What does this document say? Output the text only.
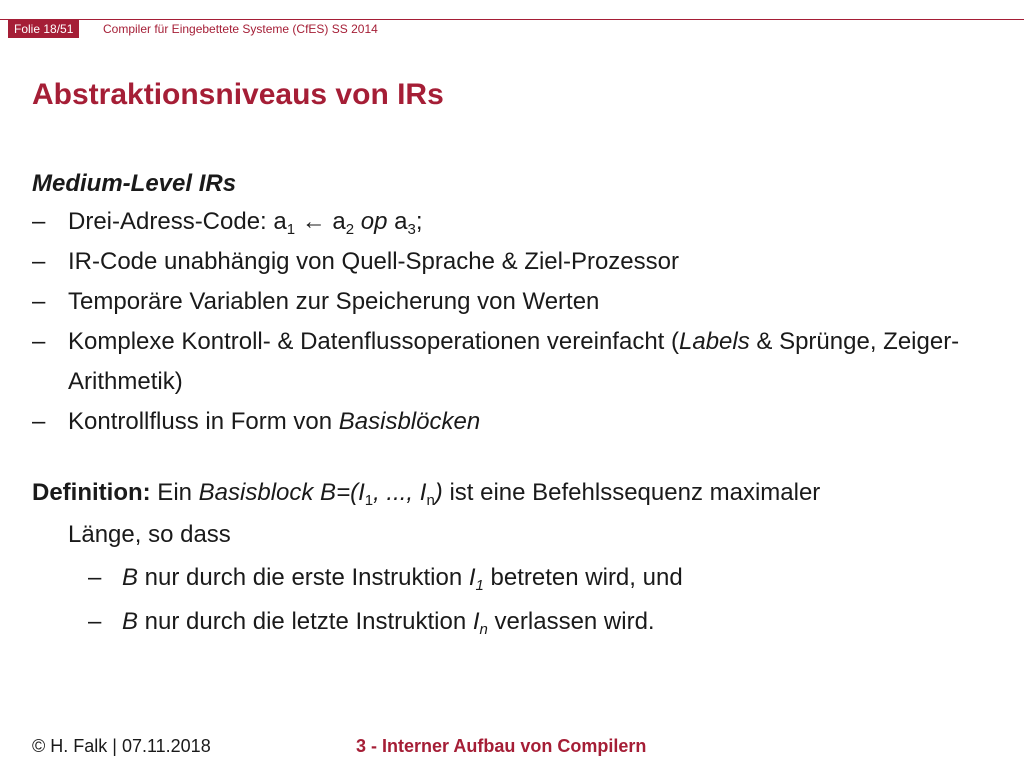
Folie 18/51	Compiler für Eingebettete Systeme (CfES) SS 2014
Abstraktionsniveaus von IRs
Medium-Level IRs
– Drei-Adress-Code: $a_1$ ← $a_2$ op $a_3$;
– IR-Code unabhängig von Quell-Sprache & Ziel-Prozessor
– Temporäre Variablen zur Speicherung von Werten
– Komplexe Kontroll- & Datenflussoperationen vereinfacht (Labels & Sprünge, Zeiger-Arithmetik)
– Kontrollfluss in Form von Basisblöcken
Definition: Ein Basisblock $B=(I_1$, ..., $I_n$) ist eine Befehlssequenz maximaler
Länge, so dass
– B nur durch die erste Instruktion $I_1$ betreten wird, und
– B nur durch die letzte Instruktion $I_n$ verlassen wird.
© H. Falk | 07.11.2018	3 - Interner Aufbau von Compilern
